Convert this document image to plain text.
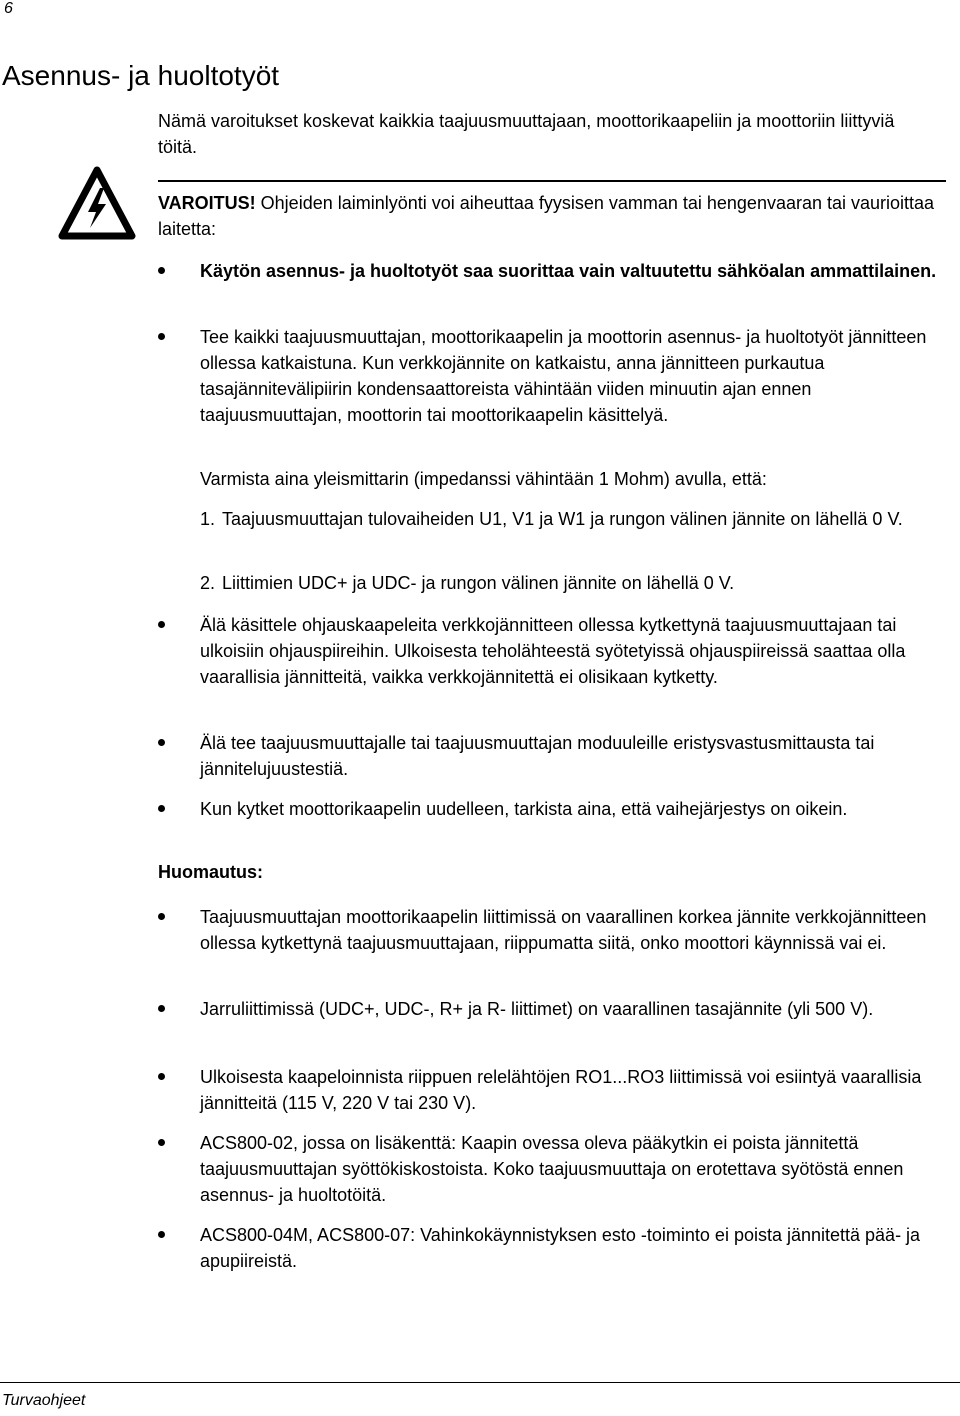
6
Asennus- ja huoltotyöt

Nämä varoitukset koskevat kaikkia taajuusmuuttajaan, moottorikaapeliin ja moottoriin liittyviä töitä.

VAROITUS! Ohjeiden laiminlyönti voi aiheuttaa fyysisen vamman tai hengenvaaran tai vaurioittaa laitetta:

Käytön asennus- ja huoltotyöt saa suorittaa vain valtuutettu sähköalan ammattilainen.

Tee kaikki taajuusmuuttajan, moottorikaapelin ja moottorin asennus- ja huoltotyöt jännitteen ollessa katkaistuna. Kun verkkojännite on katkaistu, anna jännitteen purkautua tasajännitevälipiirin kondensaattoreista vähintään viiden minuutin ajan ennen taajuusmuuttajan, moottorin tai moottorikaapelin käsittelyä.

Varmista aina yleismittarin (impedanssi vähintään 1 Mohm) avulla, että:

1. Taajuusmuuttajan tulovaiheiden U1, V1 ja W1 ja rungon välinen jännite on lähellä 0 V.

2. Liittimien UDC+ ja UDC- ja rungon välinen jännite on lähellä 0 V.

Älä käsittele ohjauskaapeleita verkkojännitteen ollessa kytkettynä taajuusmuuttajaan tai ulkoisiin ohjauspiireihin. Ulkoisesta teholähteestä syötetyissä ohjauspiireissä saattaa olla vaarallisia jännitteitä, vaikka verkkojännitettä ei olisikaan kytketty.

Älä tee taajuusmuuttajalle tai taajuusmuuttajan moduuleille eristysvastusmittausta tai jännitelujuustestiä.

Kun kytket moottorikaapelin uudelleen, tarkista aina, että vaihejärjestys on oikein.

Huomautus:

Taajuusmuuttajan moottorikaapelin liittimissä on vaarallinen korkea jännite verkkojännitteen ollessa kytkettynä taajuusmuuttajaan, riippumatta siitä, onko moottori käynnissä vai ei.

Jarruliittimissä (UDC+, UDC-, R+ ja R- liittimet) on vaarallinen tasajännite (yli 500 V).

Ulkoisesta kaapeloinnista riippuen relelähtöjen RO1...RO3 liittimissä voi esiintyä vaarallisia jännitteitä (115 V, 220 V tai 230 V).

ACS800-02, jossa on lisäkenttä: Kaapin ovessa oleva pääkytkin ei poista jännitettä taajuusmuuttajan syöttökiskostoista. Koko taajuusmuuttaja on erotettava syötöstä ennen asennus- ja huoltotöitä.

ACS800-04M, ACS800-07: Vahinkokäynnistyksen esto -toiminto ei poista jännitettä pää- ja apupiireistä.

Turvaohjeet
